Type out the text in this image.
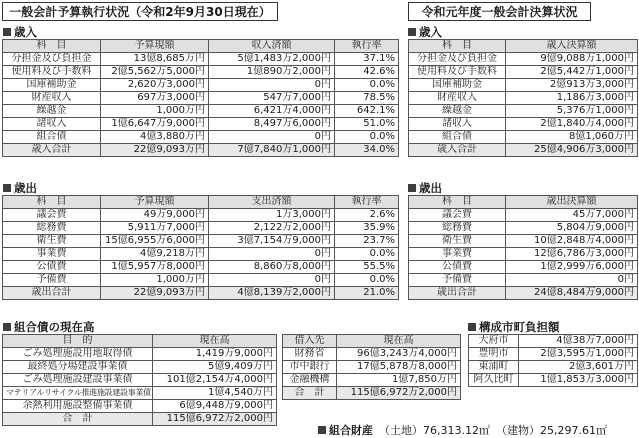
一般会計予算執行状況（令和2年9月30日現在）	令和元年度一般会計決算状況
歳入	歳入
歳出	歳出
組合債の現在高	構成市町負担額
科　目	予算現額	収入済額	執行率
分担金及び負担金	13億8,685万円	5億1,483万2,000円	37.1%
使用料及び手数料	2億5,562万5,000円	1億890万2,000円	42.6%
国庫補助金	2,620万3,000円	0円	0.0%
財産収入	697万3,000円	547万7,000円	78.5%
繰越金	1,000万円	6,421万4,000円	642.1%
諸収入	1億6,647万9,000円	8,497万6,000円	51.0%
組合債	4億3,880万円	0円	0.0%
歳入合計	22億9,093万円	7億7,840万1,000円	34.0%
科　目	歳入決算額
分担金及び負担金	9億9,088万1,000円
使用料及び手数料	2億5,442万1,000円
国庫補助金	2億913万3,000円
財産収入	1,186万3,000円
繰越金	5,376万1,000円
諸収入	2億1,840万4,000円
組合債	8億1,060万円
歳入合計	25億4,906万3,000円
科　目	予算現額	支出済額	執行率
議会費	49万9,000円	1万3,000円	2.6%
総務費	5,911万7,000円	2,122万2,000円	35.9%
衛生費	15億6,955万6,000円	3億7,154万9,000円	23.7%
事業費	4億9,218万円	0円	0.0%
公債費	1億5,957万8,000円	8,860万8,000円	55.5%
予備費	1,000万円	0円	0.0%
歳出合計	22億9,093万円	4億8,139万2,000円	21.0%
科　目	歳出決算額
議会費	45万7,000円
総務費	5,804万9,000円
衛生費	10億2,848万4,000円
事業費	12億6,786万3,000円
公債費	1億2,999万6,000円
予備費	0円
歳出合計	24億8,484万9,000円
目　的	現在高
ごみ処理施設用地取得債	1,419万9,000円
最終処分場建設事業債	5億9,409万円
ごみ処理施設建設事業債	101億2,154万4,000円
マテリアルリサイクル推進施設建設事業債	1億4,540万円
余熱利用施設整備事業債	6億9,448万9,000円
合　計	115億6,972万2,000円
借入先	現在高
財務省	96億3,243万4,000円
市中銀行	17億5,878万8,000円
金融機構	1億7,850万円
合　計	115億6,972万2,000円
大府市	4億38万7,000円
豊明市	2億3,595万1,000円
東浦町	2億3,601万円
阿久比町	1億1,853万3,000円
組合財産 （土地）76,313.12㎡ （建物）25,297.61㎡
